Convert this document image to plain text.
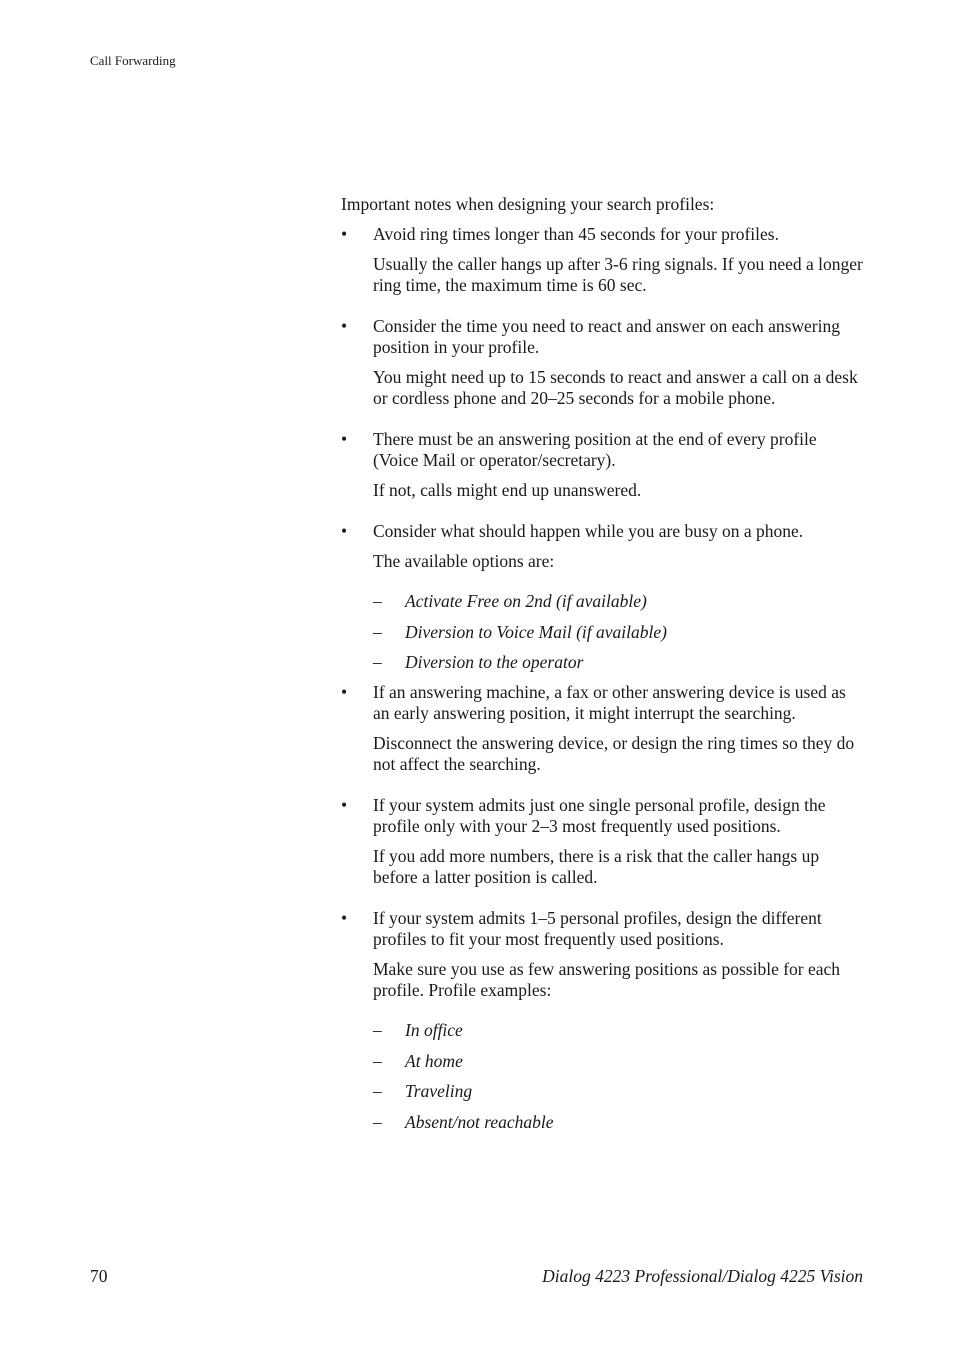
Call Forwarding

Important notes when designing your search profiles:

• Avoid ring times longer than 45 seconds for your profiles.

Usually the caller hangs up after 3-6 ring signals. If you need a longer ring time, the maximum time is 60 sec.

• Consider the time you need to react and answer on each answering position in your profile.

You might need up to 15 seconds to react and answer a call on a desk or cordless phone and 20–25 seconds for a mobile phone.

• There must be an answering position at the end of every profile (Voice Mail or operator/secretary).

If not, calls might end up unanswered.

• Consider what should happen while you are busy on a phone.

The available options are:

– Activate Free on 2nd (if available)
– Diversion to Voice Mail (if available)
– Diversion to the operator
• If an answering machine, a fax or other answering device is used as an early answering position, it might interrupt the searching.

Disconnect the answering device, or design the ring times so they do not affect the searching.

• If your system admits just one single personal profile, design the profile only with your 2–3 most frequently used positions.

If you add more numbers, there is a risk that the caller hangs up before a latter position is called.

• If your system admits 1–5 personal profiles, design the different profiles to fit your most frequently used positions.

Make sure you use as few answering positions as possible for each profile. Profile examples:

– In office
– At home
– Traveling
– Absent/not reachable
70	Dialog 4223 Professional/Dialog 4225 Vision
